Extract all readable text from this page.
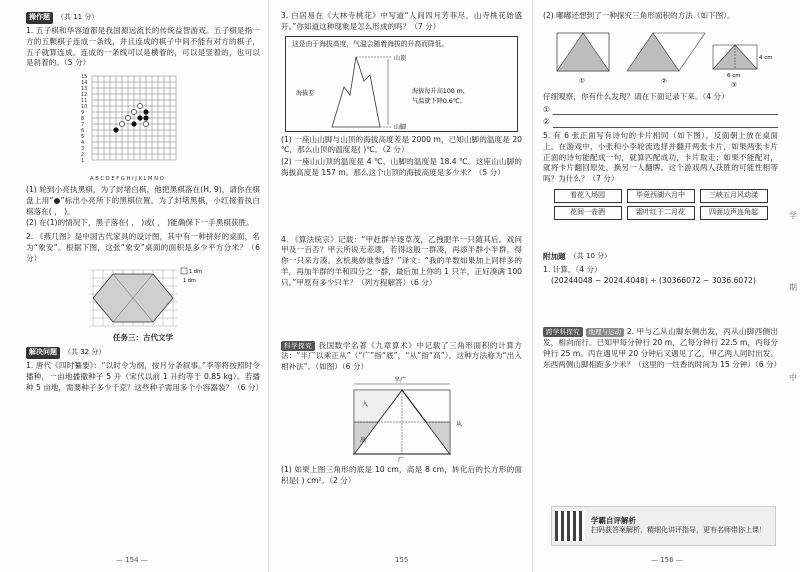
操作题	（共 11 分）
1. 五子棋和华容道都是我国源远流长的传统益智游戏。五子棋是指一方的五颗棋子连成一条线，并且连成的棋子中间不能有对方的棋子，五子就算连成。连成的一条线可以是横着的，可以是竖着的，也可以是斜着的。（5 分）
15
14
13
12
11
10
9
8
7
6
5
4
3
2
1
A B C D E F G H I J K L M N O
(1) 轮到小亮执黑棋，为了封堵白棋，他把黑棋落在(H, 9)，请你在棋盘上用“●”标出小亮所下的黑棋位置。为了封堵黑棋，小红接着执白棋落在( ， )。
(2) 在(1)的情况下，黑子落在( ， )或( ， )能确保下一手黑棋获胜。
2. 《燕几图》是中国古代家具的设计图，其中有一种拼好的桌面，名为“象安”。根据下图，这张“象安”桌面的面积是多少平方分米？（6 分）
1 dm
1 dm
任务三：古代文学
解决问题	（共 32 分）
1. 唐代《四时纂要》：“以时令为纲，按月分条叙事。”李等将按照时令播种，一亩地播撒种子 5 升（宋代以前 1 升约等于 0.85 kg）。若播种 5 亩地，需要种子多少千克？这些种子需用多个小容器装？（6 分）
— 154 —
3. 白居易在《大林寺桃花》中写道“人间四月芳菲尽，山寺桃花始盛开。”你知道这种现象是怎么形成的吗？（7 分）
这是由于海拔高度，气温会随着海拔的升高而降低。
山顶
海拔差
山脚
海拔每升高100 m，
气温就下降0.6℃。
(1) 一座山山脚与山顶的海拔高度差是 2000 m，已知山脚的温度是 20 ℃，那么山顶的温度是( )℃。（2 分）
(2) 一座山山顶的温度是 4 ℃，山脚的温度是 18.4 ℃。这座山山脚的海拔高度是 157 m。那么这个山顶的海拔高度是多少米？（5 分）
4. 《算法统宗》记载：“甲赶群羊逐草茂，乙拽肥羊一只随其后。戏问甲及一百否？甲云所说无差谬，若得这般一群凑，再添半群小半群，得你一只来方凑。玄机奥妙谁参透？”译文：“我的羊数如果加上同样多的羊，再加半群的羊和四分之一群，最后加上你的 1 只羊，正好凑满 100 只。”甲原有多少只羊？（列方程解答）（6 分）
科学探究 我国数学名著《九章算术》中记载了三角形面积的计算方法：“半广以乘正从”（“广”指“底”，“从”指“高”）。这种方法称为“出入相补法”。（如图）（6 分）
半广
广
从
入
出
(1) 如果上图三角形的底是 10 cm，高是 8 cm，转化后的长方形的面积是( ) cm²。（2 分）
155
(2) 嘟嘟还想到了一种探究三角形面积的方法（如下图）。
①	②
4 cm
6 cm
③
仔细观察，你有什么发现？请在下面记录下来。（4 分）
①
②
5. 有 6 张正面写有诗句的卡片相同（如下图），反面朝上放在桌面上。在游戏中，小张和小李轮流选择并翻开两张卡片，如果两张卡片正面的诗句能配成一句，就算匹配成功，卡片取走；如果不能配对，就将卡片翻回原处，换另一人翻牌。这个游戏两人获胜的可能性相等吗？为什么？（7 分）
看花入场园	毕竟西湖六月中	三峡五月风动漾
花间一壶酒	霜叶红于二月花	四面边声连角起
附加题 （共 10 分）
1. 计算。（4 分）
(20244048 − 2024.4048) ÷ (30366072 − 3036.6072)
跨学科探究 地理与运动 2. 甲与乙从山脚东侧出发，丙从山脚西侧出发，相向而行。已知甲每分钟行 20 m，乙每分钟行 22.5 m，丙每分钟行 25 m。丙在遇见甲 20 分钟后又遇见了乙，甲乙两人同时出发。东西两侧山脚相距多少米？（这里的一炷香的时间为 15 分钟）（6 分）
学霸自评解析
扫码获答案解析，精细化讲评指导，更有名师带你上课！
学
期
中
— 156 —
